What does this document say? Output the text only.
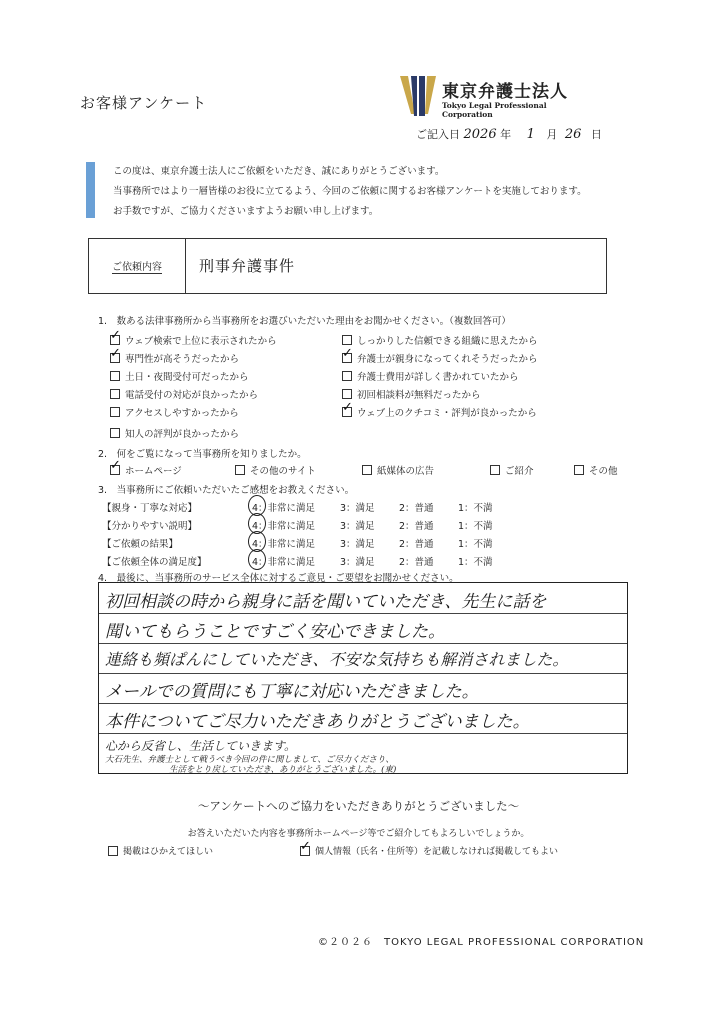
お客様アンケート
東京弁護士法人
Tokyo Legal Professional Corporation
ご記入日 2026 年 1 月 26 日
この度は、東京弁護士法人にご依頼をいただき、誠にありがとうございます。
当事務所ではより一層皆様のお役に立てるよう、今回のご依頼に関するお客様アンケートを実施しております。
お手数ですが、ご協力くださいますようお願い申し上げます。
ご依頼内容 刑事弁護事件
1.　数ある法律事務所から当事務所をお選びいただいた理由をお聞かせください。（複数回答可）
✓
ウェブ検索で上位に表示されたから
✓
専門性が高そうだったから
土日・夜間受付可だったから
電話受付の対応が良かったから
アクセスしやすかったから
知人の評判が良かったから
しっかりした信頼できる組織に思えたから
✓
弁護士が親身になってくれそうだったから
弁護士費用が詳しく書かれていたから
初回相談料が無料だったから
✓
ウェブ上のクチコミ・評判が良かったから
2.　何をご覧になって当事務所を知りましたか。
✓
ホームページ	その他のサイト	紙媒体の広告	ご紹介	その他
3.　当事務所にご依頼いただいたご感想をお教えください。
【親身・丁寧な対応】	4：非常に満足	3：満足	2：普通	1：不満
【分かりやすい説明】	4：非常に満足	3：満足	2：普通	1：不満
【ご依頼の結果】	4：非常に満足	3：満足	2：普通	1：不満
【ご依頼全体の満足度】	4：非常に満足	3：満足	2：普通	1：不満
4.　最後に、当事務所のサービス全体に対するご意見・ご要望をお聞かせください。
初回相談の時から親身に話を聞いていただき、先生に話を
聞いてもらうことですごく安心できました。
連絡も頻ぱんにしていただき、不安な気持ちも解消されました。
メールでの質問にも丁寧に対応いただきました。
本件についてご尽力いただきありがとうございました。
心から反省し、生活していきます。
大石先生、弁護士として戦うべき今回の件に関しまして、ご尽力くださり、
生活をとり戻していただき、ありがとうございました。(東)
〜アンケートへのご協力をいただきありがとうございました〜
お答えいただいた内容を事務所ホームページ等でご紹介してもよろしいでしょうか。
掲載はひかえてほしい
✓	個人情報（氏名・住所等）を記載しなければ掲載してもよい
©２０２６　TOKYO LEGAL PROFESSIONAL CORPORATION
